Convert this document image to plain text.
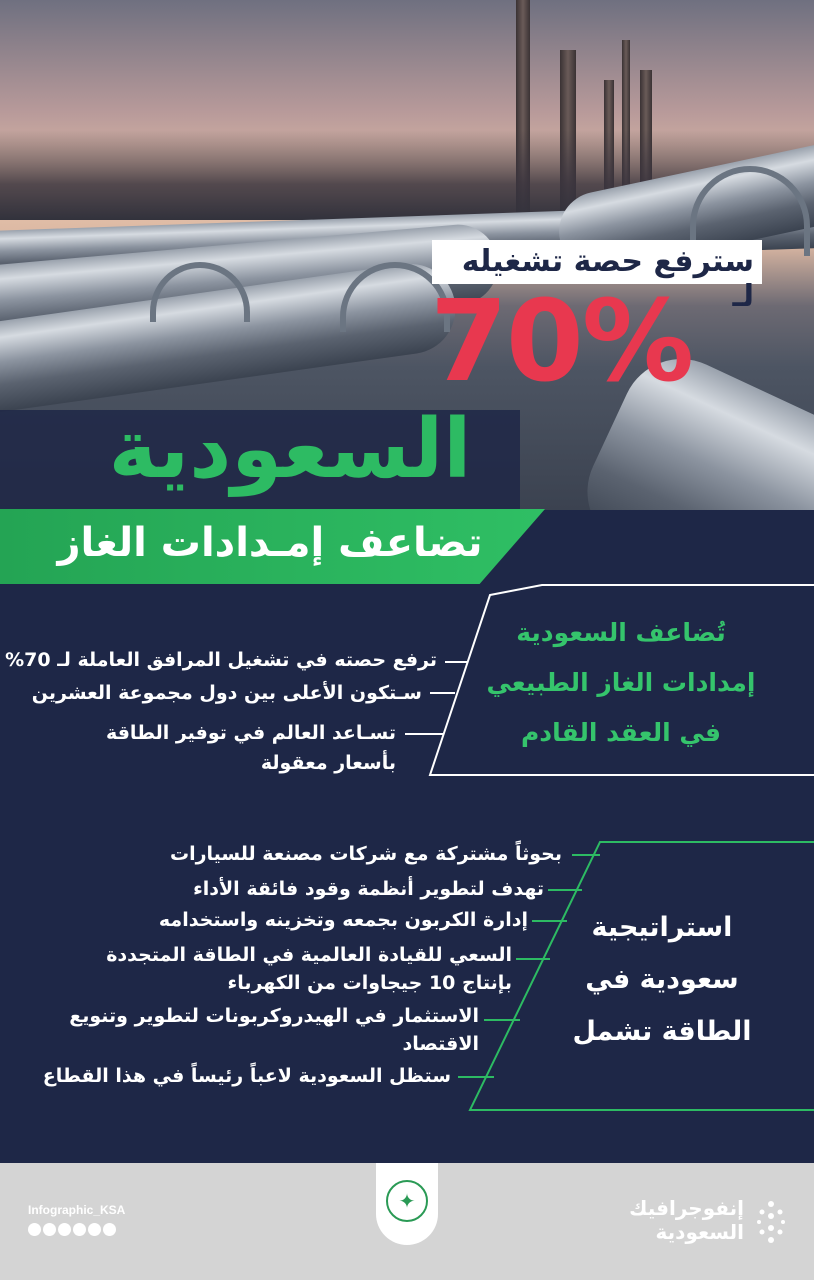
سترفع حصة تشغيله لـ
70%
السعودية
تضاعف إمـدادات الغاز
تُضاعف السعودية
إمدادات الغاز الطبيعي
في العقد القادم
ترفع حصته في تشغيل المرافق العاملة لـ 70%
سـتكون الأعلى بين دول مجموعة العشرين
تسـاعد العالم في توفير الطاقة بأسعار معقولة
استراتيجية
سعودية في
الطاقة تشمل
بحوثاً مشتركة مع شركات مصنعة للسيارات
تهدف لتطوير أنظمة وقود فائقة الأداء
إدارة الكربون بجمعه وتخزينه واستخدامه
السعي للقيادة العالمية في الطاقة المتجددة بإنتاج 10 جيجاوات من الكهرباء
الاستثمار في الهيدروكربونات لتطوير وتنويع الاقتصاد
ستظل السعودية لاعباً رئيساً في هذا القطاع
✦
Infographic_KSA	إنفوجرافيك
السعودية
